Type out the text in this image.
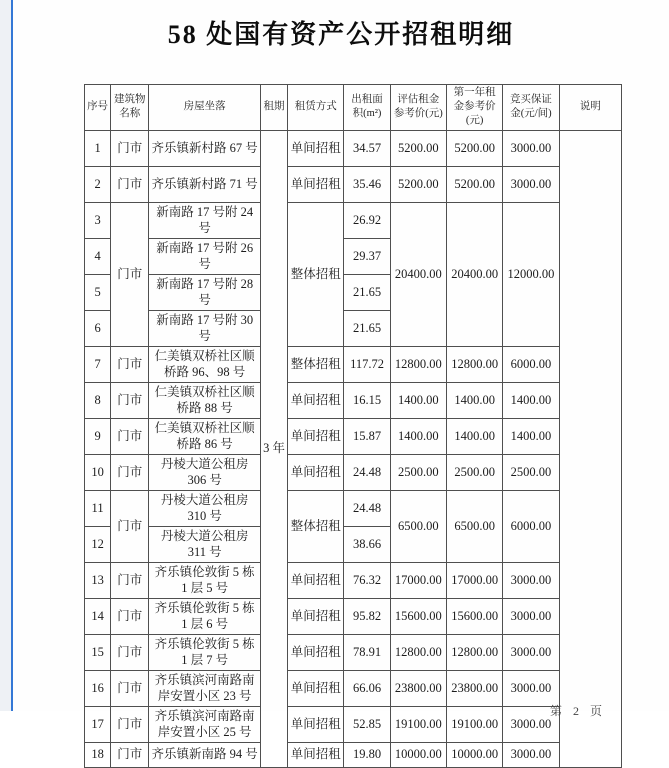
58 处国有资产公开招租明细
序号	建筑物名称	房屋坐落	租期	租赁方式	出租面积(m²)	评估租金参考价(元)	第一年租金参考价(元)	竞买保证金(元/间)	说明
1	门市	齐乐镇新村路 67 号	3 年	单间招租	34.57	5200.00	5200.00	3000.00	
2	门市	齐乐镇新村路 71 号		单间招租	35.46	5200.00	5200.00	3000.00	
3	门市	新南路 17 号附 24 号		整体招租	26.92	20400.00	20400.00	12000.00	
4		新南路 17 号附 26 号			29.37				
5		新南路 17 号附 28 号			21.65				
6		新南路 17 号附 30 号			21.65				
7	门市	仁美镇双桥社区顺桥路 96、98 号		整体招租	117.72	12800.00	12800.00	6000.00	
8	门市	仁美镇双桥社区顺桥路 88 号		单间招租	16.15	1400.00	1400.00	1400.00	
9	门市	仁美镇双桥社区顺桥路 86 号		单间招租	15.87	1400.00	1400.00	1400.00	
10	门市	丹棱大道公租房 306 号		单间招租	24.48	2500.00	2500.00	2500.00	
11	门市	丹棱大道公租房 310 号		整体招租	24.48	6500.00	6500.00	6000.00	
12		丹棱大道公租房 311 号			38.66				
13	门市	齐乐镇伦敦街 5 栋 1 层 5 号		单间招租	76.32	17000.00	17000.00	3000.00	
14	门市	齐乐镇伦敦街 5 栋 1 层 6 号		单间招租	95.82	15600.00	15600.00	3000.00	
15	门市	齐乐镇伦敦街 5 栋 1 层 7 号		单间招租	78.91	12800.00	12800.00	3000.00	
16	门市	齐乐镇滨河南路南岸安置小区 23 号		单间招租	66.06	23800.00	23800.00	3000.00	
17	门市	齐乐镇滨河南路南岸安置小区 25 号		单间招租	52.85	19100.00	19100.00	3000.00	
18	门市	齐乐镇新南路 94 号		单间招租	19.80	10000.00	10000.00	3000.00	
第 2 页
